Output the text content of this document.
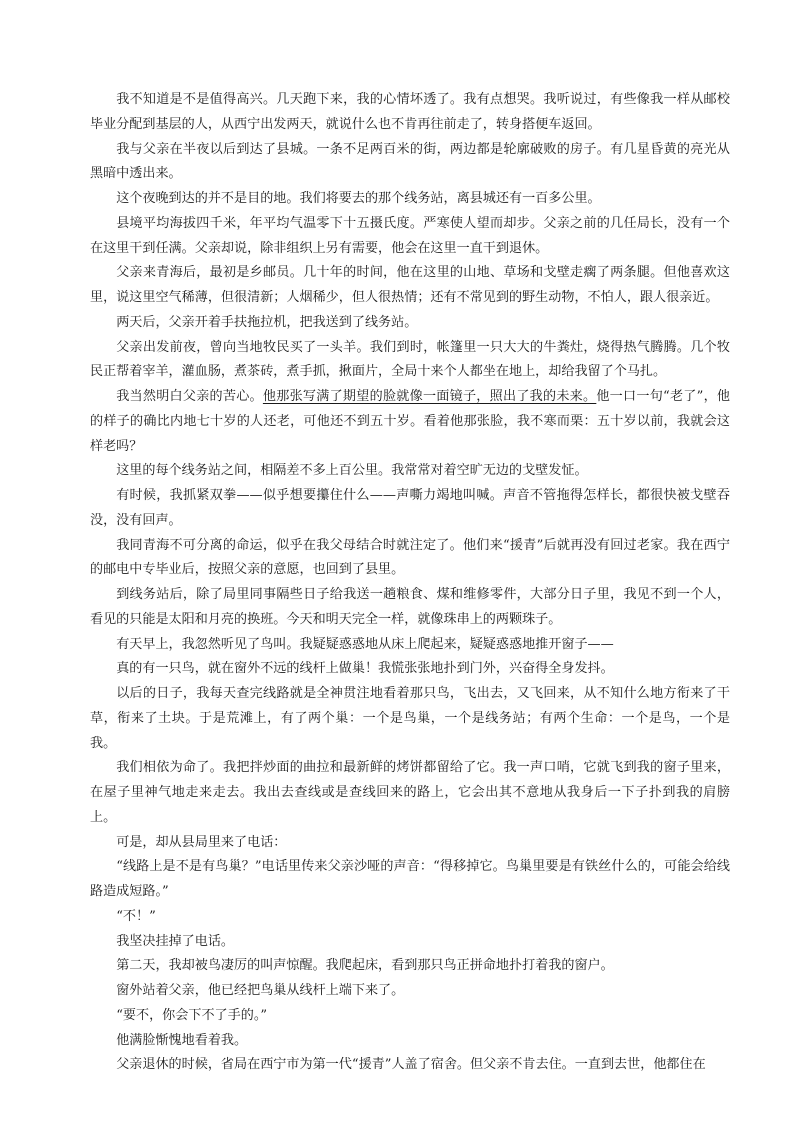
我不知道是不是值得高兴。几天跑下来，我的心情坏透了。我有点想哭。我听说过，有些像我一样从邮校毕业分配到基层的人，从西宁出发两天，就说什么也不肯再往前走了，转身搭便车返回。

我与父亲在半夜以后到达了县城。一条不足两百米的街，两边都是轮廓破败的房子。有几星昏黄的亮光从黑暗中透出来。

这个夜晚到达的并不是目的地。我们将要去的那个线务站，离县城还有一百多公里。

县境平均海拔四千米，年平均气温零下十五摄氏度。严寒使人望而却步。父亲之前的几任局长，没有一个在这里干到任满。父亲却说，除非组织上另有需要，他会在这里一直干到退休。

父亲来青海后，最初是乡邮员。几十年的时间，他在这里的山地、草场和戈壁走瘸了两条腿。但他喜欢这里，说这里空气稀薄，但很清新；人烟稀少，但人很热情；还有不常见到的野生动物，不怕人，跟人很亲近。

两天后，父亲开着手扶拖拉机，把我送到了线务站。

父亲出发前夜，曾向当地牧民买了一头羊。我们到时，帐篷里一只大大的牛粪灶，烧得热气腾腾。几个牧民正帮着宰羊，灌血肠，煮茶砖，煮手抓，揪面片，全局十来个人都坐在地上，却给我留了个马扎。

我当然明白父亲的苦心。他那张写满了期望的脸就像一面镜子，照出了我的未来。他一口一句“老了”，他的样子的确比内地七十岁的人还老，可他还不到五十岁。看着他那张脸，我不寒而栗：五十岁以前，我就会这样老吗？

这里的每个线务站之间，相隔差不多上百公里。我常常对着空旷无边的戈壁发怔。

有时候，我抓紧双拳——似乎想要攥住什么——声嘶力竭地叫喊。声音不管拖得怎样长，都很快被戈壁吞没，没有回声。

我同青海不可分离的命运，似乎在我父母结合时就注定了。他们来“援青”后就再没有回过老家。我在西宁的邮电中专毕业后，按照父亲的意愿，也回到了县里。

到线务站后，除了局里同事隔些日子给我送一趟粮食、煤和维修零件，大部分日子里，我见不到一个人，看见的只能是太阳和月亮的换班。今天和明天完全一样，就像珠串上的两颗珠子。

有天早上，我忽然听见了鸟叫。我疑疑惑惑地从床上爬起来，疑疑惑惑地推开窗子——

真的有一只鸟，就在窗外不远的线杆上做巢！我慌张张地扑到门外，兴奋得全身发抖。

以后的日子，我每天查完线路就是全神贯注地看着那只鸟，飞出去，又飞回来，从不知什么地方衔来了干草，衔来了土块。于是荒滩上，有了两个巢：一个是鸟巢，一个是线务站；有两个生命：一个是鸟，一个是我。

我们相依为命了。我把拌炒面的曲拉和最新鲜的烤饼都留给了它。我一声口哨，它就飞到我的窗子里来，在屋子里神气地走来走去。我出去查线或是查线回来的路上，它会出其不意地从我身后一下子扑到我的肩膀上。

可是，却从县局里来了电话：

“线路上是不是有鸟巢？”电话里传来父亲沙哑的声音：“得移掉它。鸟巢里要是有铁丝什么的，可能会给线路造成短路。”

“不！”

我坚决挂掉了电话。

第二天，我却被鸟凄厉的叫声惊醒。我爬起床，看到那只鸟正拼命地扑打着我的窗户。

窗外站着父亲，他已经把鸟巢从线杆上端下来了。

“要不，你会下不了手的。”

他满脸惭愧地看着我。

父亲退休的时候，省局在西宁市为第一代“援青”人盖了宿舍。但父亲不肯去住。一直到去世，他都住在
